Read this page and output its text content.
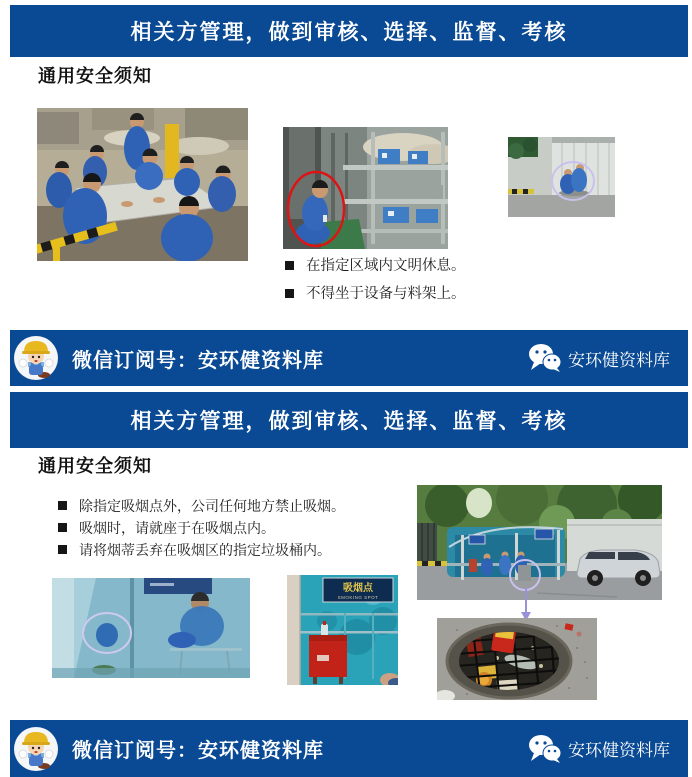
相关方管理，做到审核、选择、监督、考核
通用安全须知
在指定区域内文明休息。
不得坐于设备与料架上。
微信订阅号：安环健资料库	安环健资料库
相关方管理，做到审核、选择、监督、考核
通用安全须知
除指定吸烟点外，公司任何地方禁止吸烟。
吸烟时，请就座于在吸烟点内。
请将烟蒂丢弃在吸烟区的指定垃圾桶内。
吸烟点
SMOKING SPOT
微信订阅号：安环健资料库	安环健资料库
